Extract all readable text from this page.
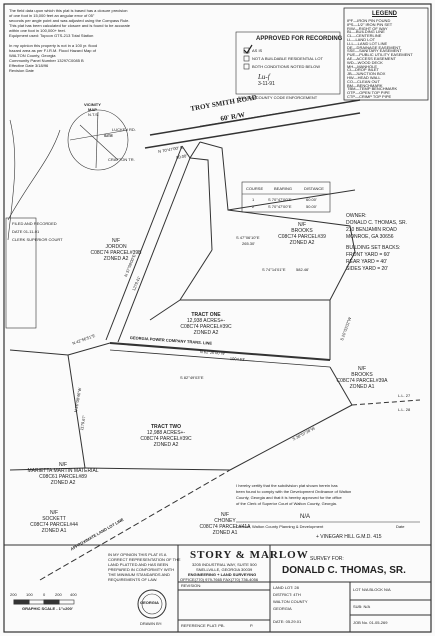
The field data upon which this plat is based has a closure precision
of one foot in 15,000 feet an angular error of 05"
seconds per angle point and was adjusted using the Compass Rule.
This plat has been calculated for closure and is found to be accurate
within one foot in 100,000+ feet.
Equipment used: Topcon GTS-213 Total Station
In my opinion this property is not in a 100 yr. flood
hazard area as per F.I.R.M. Flood Hazard Map of
WALTON County, Georgia
Community Panel Number 13297C0085 B
Effective Date 3/18/96
Revision Date
APPROVED FOR RECORDING
AS IS
NOT A BUILDABLE RESIDENTIAL LOT
BOTH CONDITIONS NOTED BELOW
Lu-f
3-11-91
WALTON COUNTY CODE ENFORCEMENT
LEGEND
IPF—IRON PIN FOUND
IPS—1/2" IRON PIN SET
R/W—RIGHT OF WAY
BL—BUILDING LINE
CL—CENTERLINE
LL—LAND LOT
LLL—LAND LOT LINE
DE—DRAINAGE EASEMENT
SSE—SANITARY EASEMENT
PUE—PUBLIC UTILITY EASEMENT
AE—ACCESS EASEMENT
WD—WOOD DECK
MH—MANHOLE
CI—DROP INLET
JB—JUNCTION BOX
HW—HEAD WALL
CO—CLEAN OUT
BM—BENCHMARK
TBM—TEMP BENCHMARK
OTP—OPEN TOP PIPE
CTP—CRIMP TOP PIPE
VICINITY
MAP
N.T.S.
SITE
LUCKEY RD.
CRAFTON TR.
TROY SMITH ROAD
60' R/W
N 70°47'00" E
80.00'
COURSE	BEARING	DISTANCE
1	S 70°47'00"E	60.00'
2	S 70°47'00"E	50.00'
OWNER:
DONALD C. THOMAS, SR.
210 BENJAMIN ROAD
MONROE, GA 30656
BUILDING SET BACKS:
FRONT YARD = 60'
REAR YARD = 40'
SIDES YARD = 20'
N/F
JORDON
C08C74 PARCEL#39B
ZONED A2
N/F
BROOKS
C08C74 PARCEL#39
ZONED A2
TRACT ONE
12,938 ACRES+-
C08C74 PARCEL#39C
ZONED A2
TRACT TWO
12,988 ACRES+-
C08C74 PARCEL#39C
ZONED A2
N/F
BROOKS
C08C74 PARCEL#39A
ZONED A1
N/F
MARIETTA MARTIN MATERIAL
C08C61 PARCEL#89
ZONED A2
N/F
SOCKETT
C08C74 PARCEL#44
ZONED A1
N/F
CHONEY
C08C74 PARCEL#41A
ZONED A1
GEORGIA POWER COMPANY TRANS. LINE
S 47°06'10"E
265.30'
S 74°14'01"E	582.46'
N 37°09'00"E
1279.41'
N 42°56'51"E
N 62°26'00"W
1004.53'
S 82°49'03"E
N 26°08'46"W
1179.67'
S 20°03'02"W
S 38°07'26"W
APPROXIMATE LAND LOT LINE
L.L. 27
L.L. 28
+ VINEGAR HILL G.M.D. 415
FILED AND RECORDED
DATE 01-11-01
CLERK SUPERIOR COURT
I hereby certify that the subdivision plat shown herein has
been found to comply with the Development Ordinance of Walton
County, Georgia and that it is hereby approved for the office
of the Clerk of Superior Court of Walton County, Georgia.
N/A
Director, Walton County Planning & Development	Date
IN MY OPINION THIS PLAT IS A
CORRECT REPRESENTATION OF THE
LAND PLATTED AND HAS BEEN
PREPARED IN CONFORMITY WITH
THE MINIMUM STANDARDS AND
REQUIREMENTS OF LAW.
GEORGIA
DRAWN BY:
STORY & MARLOW
3205 INDUSTRIAL WAY, SUITE 500
SNELLVILLE, GEORGIA 30039
ENGINEERING + LAND SURVEYING
OFFICE(770) 979-7665 FAX(770) 736-4056
SURVEY FOR:
DONALD C. THOMAS, SR.
REVISION:
REFERENCE PLAT: PB.	P.
LAND LOT: 28
DISTRICT: 4TH
WALTON COUNTY
GEORGIA
DATE: 05.29.01
LOT N/A BLOCK N/A
SUB: N/A
JOB No. 01-05-269
200 100	0 200 400
GRAPHIC SCALE - 1"=200'
